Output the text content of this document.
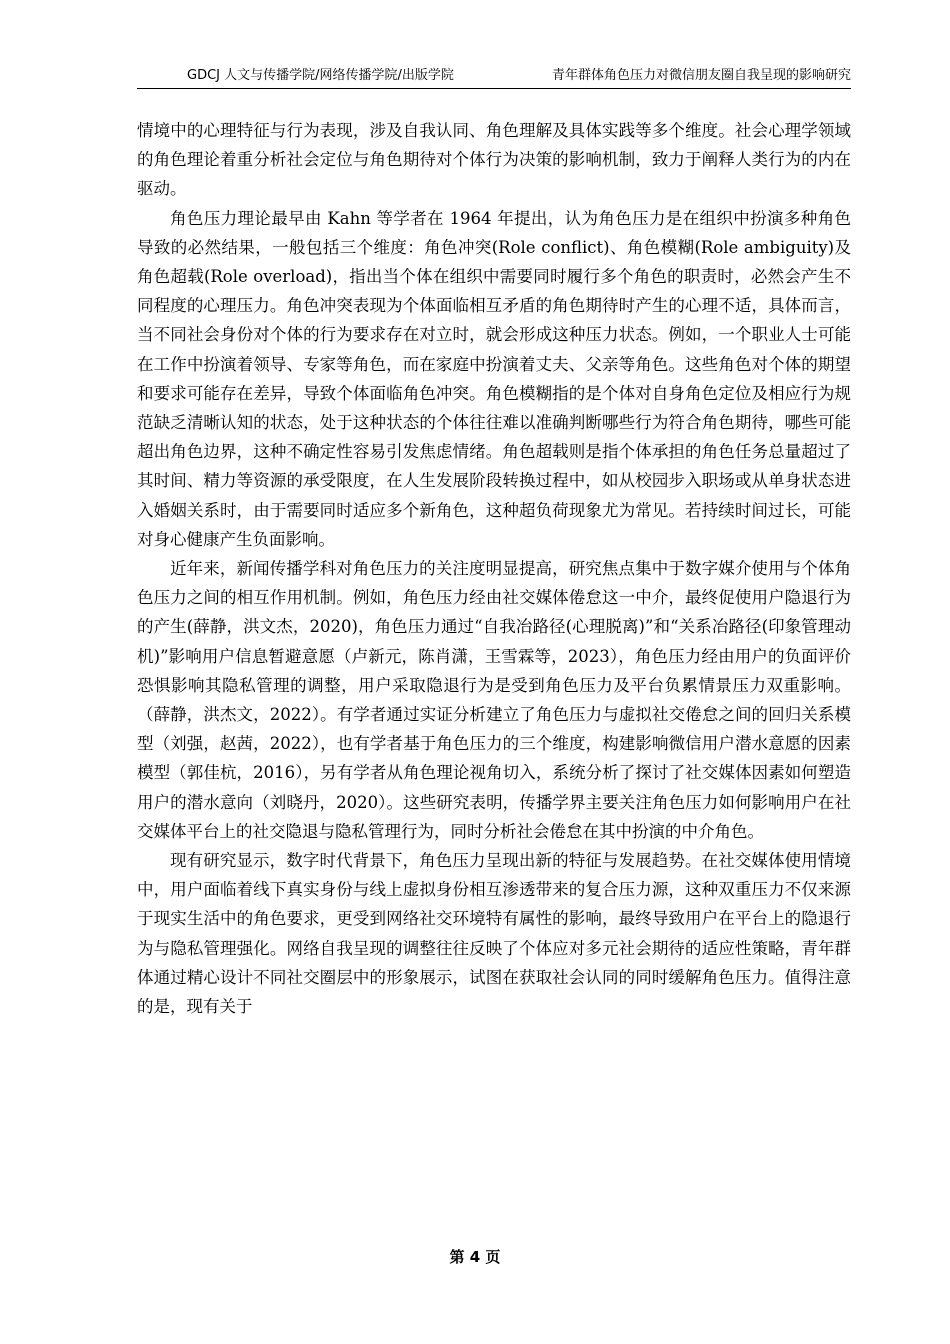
GDCJ 人文与传播学院/网络传播学院/出版学院	青年群体角色压力对微信朋友圈自我呈现的影响研究

情境中的心理特征与行为表现，涉及自我认同、角色理解及具体实践等多个维度。社会心理学领域的角色理论着重分析社会定位与角色期待对个体行为决策的影响机制，致力于阐释人类行为的内在驱动。

角色压力理论最早由 Kahn 等学者在 1964 年提出，认为角色压力是在组织中扮演多种角色导致的必然结果，一般包括三个维度：角色冲突(Role conflict)、角色模糊(Role ambiguity)及角色超载(Role overload)，指出当个体在组织中需要同时履行多个角色的职责时，必然会产生不同程度的心理压力。角色冲突表现为个体面临相互矛盾的角色期待时产生的心理不适，具体而言，当不同社会身份对个体的行为要求存在对立时，就会形成这种压力状态。例如，一个职业人士可能在工作中扮演着领导、专家等角色，而在家庭中扮演着丈夫、父亲等角色。这些角色对个体的期望和要求可能存在差异，导致个体面临角色冲突。角色模糊指的是个体对自身角色定位及相应行为规范缺乏清晰认知的状态，处于这种状态的个体往往难以准确判断哪些行为符合角色期待，哪些可能超出角色边界，这种不确定性容易引发焦虑情绪。角色超载则是指个体承担的角色任务总量超过了其时间、精力等资源的承受限度，在人生发展阶段转换过程中，如从校园步入职场或从单身状态进入婚姻关系时，由于需要同时适应多个新角色，这种超负荷现象尤为常见。若持续时间过长，可能对身心健康产生负面影响。

近年来，新闻传播学科对角色压力的关注度明显提高，研究焦点集中于数字媒介使用与个体角色压力之间的相互作用机制。例如，角色压力经由社交媒体倦怠这一中介，最终促使用户隐退行为的产生(薛静，洪文杰，2020)，角色压力通过“自我冶路径(心理脱离)”和“关系冶路径(印象管理动机)”影响用户信息暂避意愿（卢新元，陈肖潇，王雪霖等，2023），角色压力经由用户的负面评价恐惧影响其隐私管理的调整，用户采取隐退行为是受到角色压力及平台负累情景压力双重影响。（薛静，洪杰文，2022）。有学者通过实证分析建立了角色压力与虚拟社交倦怠之间的回归关系模型（刘强，赵茜，2022），也有学者基于角色压力的三个维度，构建影响微信用户潜水意愿的因素模型（郭佳杭，2016），另有学者从角色理论视角切入，系统分析了探讨了社交媒体因素如何塑造用户的潜水意向（刘晓丹，2020）。这些研究表明，传播学界主要关注角色压力如何影响用户在社交媒体平台上的社交隐退与隐私管理行为，同时分析社会倦怠在其中扮演的中介角色。

现有研究显示，数字时代背景下，角色压力呈现出新的特征与发展趋势。在社交媒体使用情境中，用户面临着线下真实身份与线上虚拟身份相互渗透带来的复合压力源，这种双重压力不仅来源于现实生活中的角色要求，更受到网络社交环境特有属性的影响，最终导致用户在平台上的隐退行为与隐私管理强化。网络自我呈现的调整往往反映了个体应对多元社会期待的适应性策略，青年群体通过精心设计不同社交圈层中的形象展示，试图在获取社会认同的同时缓解角色压力。值得注意的是，现有关于

第 4 页
